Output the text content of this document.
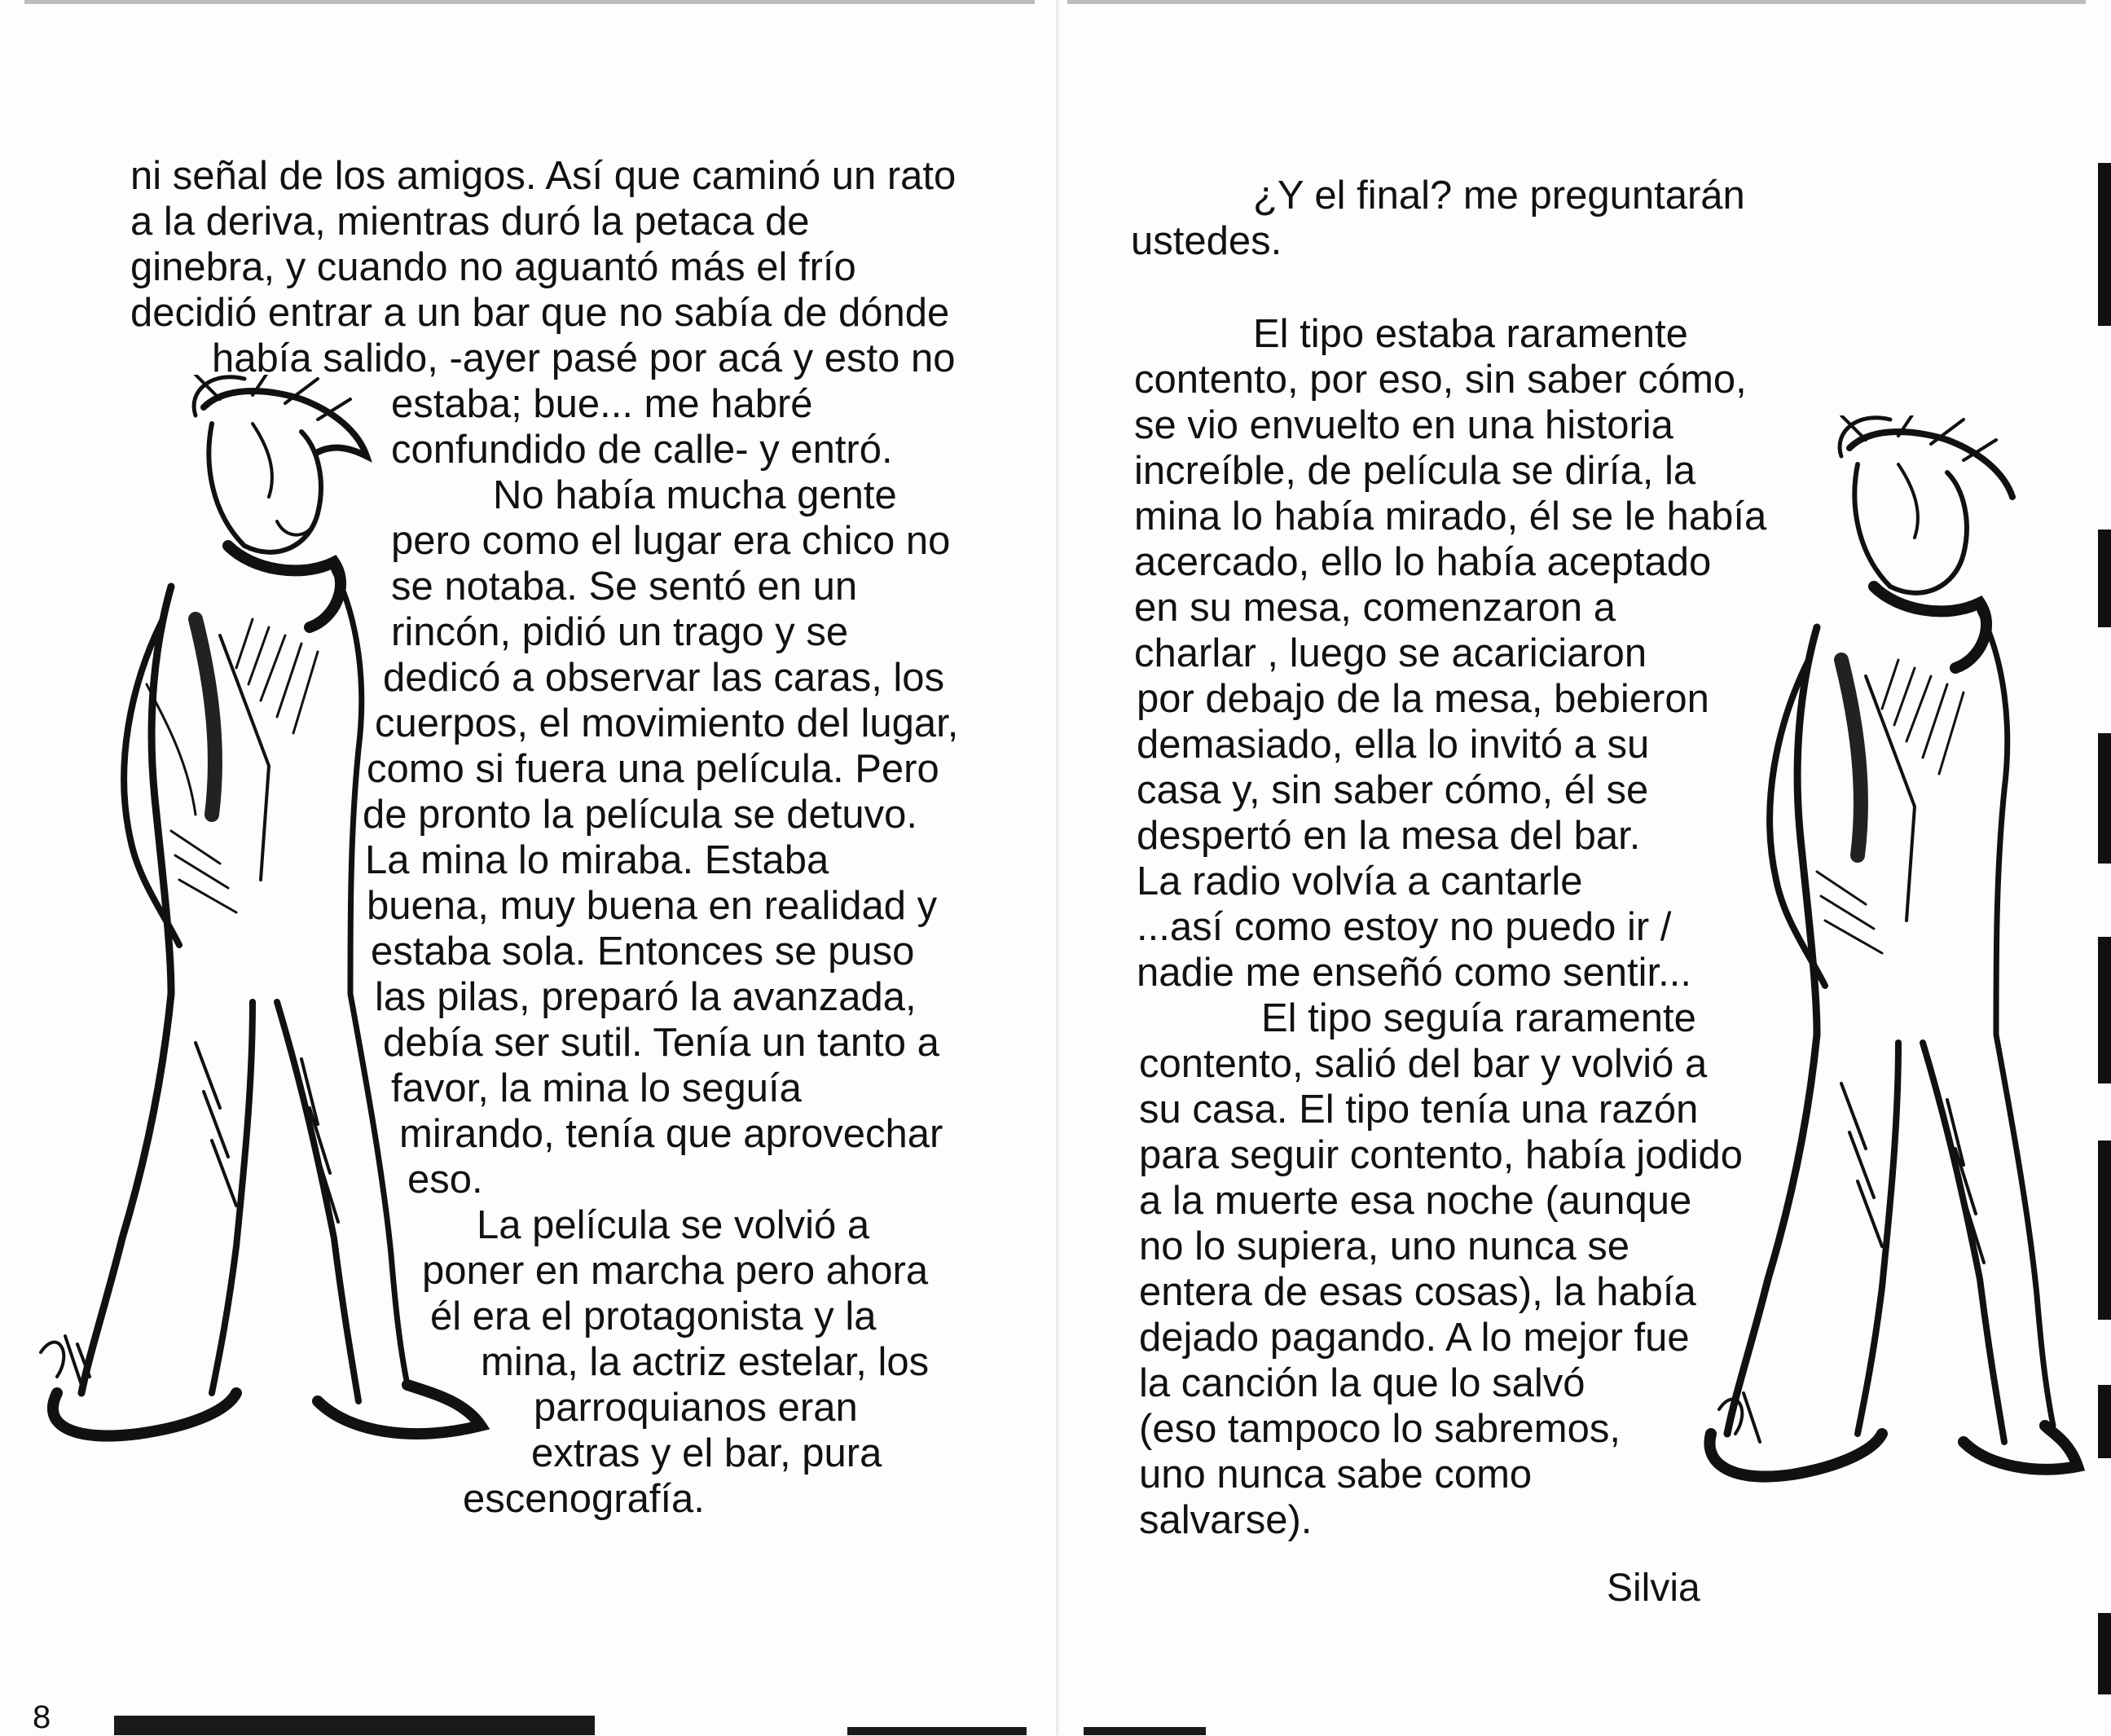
ni señal de los amigos. Así que caminó un rato
a la deriva, mientras duró la petaca de
ginebra, y cuando no aguantó más el frío
decidió entrar a un bar que no sabía de dónde
había salido, -ayer pasé por acá y esto no
estaba; bue... me habré
confundido de calle- y entró.
No había mucha gente
pero como el lugar era chico no
se notaba. Se sentó en un
rincón, pidió un trago y se
dedicó a observar las caras, los
cuerpos, el movimiento del lugar,
como si fuera una película. Pero
de pronto la película se detuvo.
La mina lo miraba. Estaba
buena, muy buena en realidad y
estaba sola. Entonces se puso
las pilas, preparó la avanzada,
debía ser sutil. Tenía un tanto a
favor, la mina lo seguía
mirando, tenía que aprovechar
eso.
La película se volvió a
poner en marcha pero ahora
él era el protagonista y la
mina, la actriz estelar, los
parroquianos eran
extras y el bar, pura
escenografía.
8
¿Y el final? me preguntarán
ustedes.
El tipo estaba raramente
contento, por eso, sin saber cómo,
se vio envuelto en una historia
increíble, de película se diría, la
mina lo había mirado, él se le había
acercado, ello lo había aceptado
en su mesa, comenzaron a
charlar , luego se acariciaron
por debajo de la mesa, bebieron
demasiado, ella lo invitó a su
casa y, sin saber cómo, él se
despertó en la mesa del bar.
La radio volvía a cantarle
...así como estoy no puedo ir /
nadie me enseñó como sentir...
El tipo seguía raramente
contento, salió del bar y volvió a
su casa. El tipo tenía una razón
para seguir contento, había jodido
a la muerte esa noche (aunque
no lo supiera, uno nunca se
entera de esas cosas), la había
dejado pagando. A lo mejor fue
la canción la que lo salvó
(eso tampoco lo sabremos,
uno nunca sabe como
salvarse).
Silvia
